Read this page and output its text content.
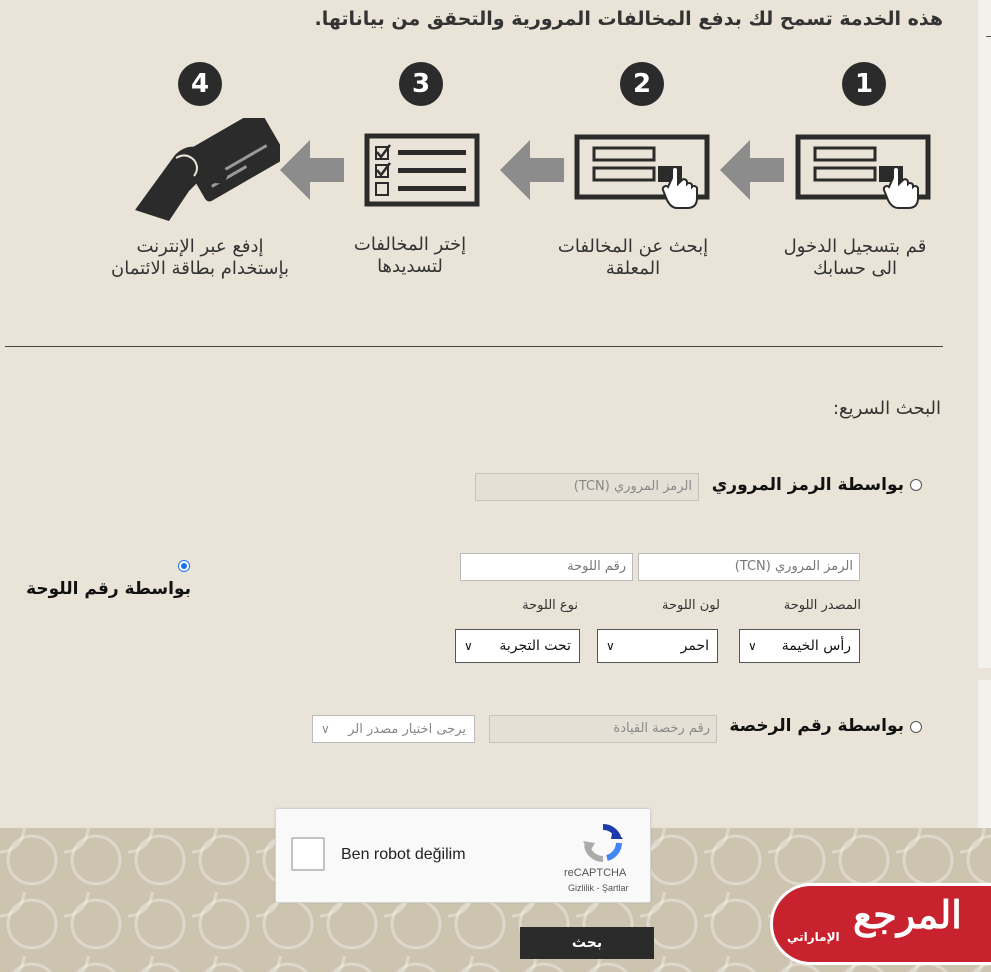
هذه الخدمة تسمح لك بدفع المخالفات المرورية والتحقق من بياناتها.
1
2
3
4
قم بتسجيل الدخول الى حسابك
إبحث عن المخالفات المعلقة
إختر المخالفات لتسديدها
إدفع عبر الإنترنت بإستخدام بطاقة الائتمان
البحث السريع:
بواسطة الرمز المروري
الرمز المروري (TCN)
بواسطة رقم اللوحة
الرمز المروري (TCN)
رقم اللوحة
المصدر اللوحة
لون اللوحة
نوع اللوحة
رأس الخيمة
∨
احمر
∨
تحت التجربة
∨
بواسطة رقم الرخصة
رقم رخصة القيادة
يرجى اختيار مصدر الر
∨
Ben robot değilim
reCAPTCHA
Gizlilik - Şartlar
بحث
المرجع
الإماراتي
